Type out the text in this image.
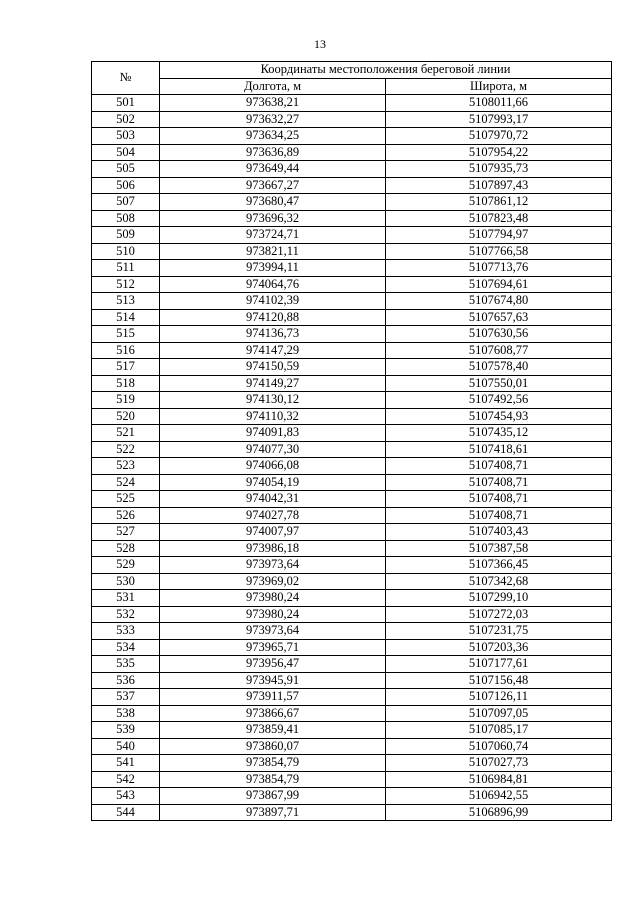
13
№	Координаты местоположения береговой линии	
	Долгота, м	Широта, м
501	973638,21	5108011,66
502	973632,27	5107993,17
503	973634,25	5107970,72
504	973636,89	5107954,22
505	973649,44	5107935,73
506	973667,27	5107897,43
507	973680,47	5107861,12
508	973696,32	5107823,48
509	973724,71	5107794,97
510	973821,11	5107766,58
511	973994,11	5107713,76
512	974064,76	5107694,61
513	974102,39	5107674,80
514	974120,88	5107657,63
515	974136,73	5107630,56
516	974147,29	5107608,77
517	974150,59	5107578,40
518	974149,27	5107550,01
519	974130,12	5107492,56
520	974110,32	5107454,93
521	974091,83	5107435,12
522	974077,30	5107418,61
523	974066,08	5107408,71
524	974054,19	5107408,71
525	974042,31	5107408,71
526	974027,78	5107408,71
527	974007,97	5107403,43
528	973986,18	5107387,58
529	973973,64	5107366,45
530	973969,02	5107342,68
531	973980,24	5107299,10
532	973980,24	5107272,03
533	973973,64	5107231,75
534	973965,71	5107203,36
535	973956,47	5107177,61
536	973945,91	5107156,48
537	973911,57	5107126,11
538	973866,67	5107097,05
539	973859,41	5107085,17
540	973860,07	5107060,74
541	973854,79	5107027,73
542	973854,79	5106984,81
543	973867,99	5106942,55
544	973897,71	5106896,99
